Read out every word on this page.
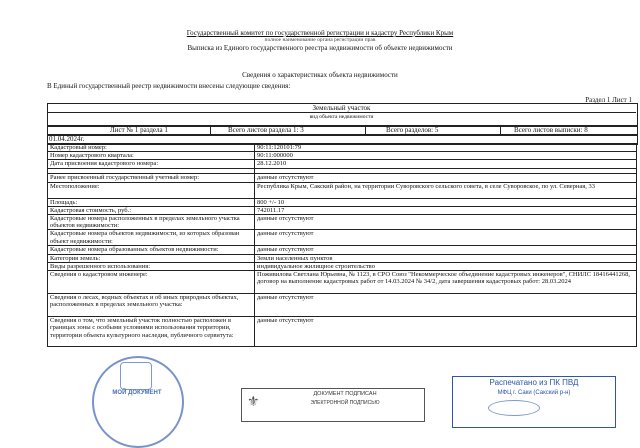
Государственный комитет по государственной регистрации и кадастру Республики Крым
полное наименование органа регистрации прав
Выписка из Единого государственного реестра недвижимости об объекте недвижимости
Сведения о характеристиках объекта недвижимости
В Единый государственный реестр недвижимости внесены следующие сведения:
Раздел 1 Лист 1
Земельный участок
вид объекта недвижимости
Лист № 1 раздела 1	Всего листов раздела 1: 3	Всего разделов: 5	Всего листов выписки: 8
01.04.2024г.
Кадастровый номер:	90:11:120101:79
Номер кадастрового квартала:	90:11:000000
Дата присвоения кадастрового номера:	28.12.2010

Ранее присвоенный государственный учетный номер:	данные отсутствуют
Местоположение:	Республика Крым, Сакский район, на территории Суворовского сельского совета, в селе Суворовское, по ул. Северная, 33
Площадь:	800 +/- 10
Кадастровая стоимость, руб.:	742011.17
Кадастровые номера расположенных в пределах земельного участка объектов недвижимости:	данные отсутствуют
Кадастровые номера объектов недвижимости, из которых образован объект недвижимости:	данные отсутствуют
Кадастровые номера образованных объектов недвижимости:	данные отсутствуют
Категория земель:	Земли населенных пунктов
Виды разрешенного использования:	индивидуальное жилищное строительство
Сведения о кадастровом инженере:	Поживилова Светлана Юрьевна, № 1123, в СРО Союз "Некоммерческое объединение кадастровых инженеров", СНИЛС 18416441268, договор на выполнение кадастровых работ от 14.03.2024 № 34/2, дата завершения кадастровых работ: 28.03.2024
Сведения о лесах, водных объектах и об иных природных объектах, расположенных в пределах земельного участка:	данные отсутствуют
Сведения о том, что земельный участок полностью расположен в границах зоны с особыми условиями использования территории, территории объекта культурного наследия, публичного сервитута:	данные отсутствуют
МОЙ ДОКУМЕНТ
⚜
ДОКУМЕНТ ПОДПИСАН
ЭЛЕКТРОННОЙ ПОДПИСЬЮ
Распечатано из ПК ПВД
МФЦ г. Саки (Сакский р-н)
